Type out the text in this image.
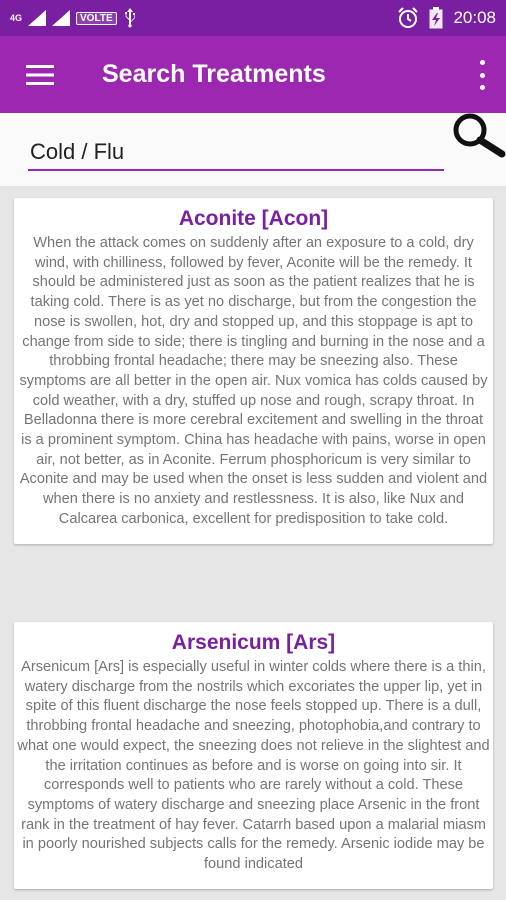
4G	VOLTE	20:08
Search Treatments
Cold / Flu
Aconite [Acon]
When the attack comes on suddenly after an exposure to a cold, dry wind, with chilliness, followed by fever, Aconite will be the remedy. It should be administered just as soon as the patient realizes that he is taking cold. There is as yet no discharge, but from the congestion the nose is swollen, hot, dry and stopped up, and this stoppage is apt to change from side to side; there is tingling and burning in the nose and a throbbing frontal headache; there may be sneezing also. These symptoms are all better in the open air. Nux vomica has colds caused by cold weather, with a dry, stuffed up nose and rough, scrapy throat. In Belladonna there is more cerebral excitement and swelling in the throat is a prominent symptom. China has headache with pains, worse in open air, not better, as in Aconite. Ferrum phosphoricum is very similar to Aconite and may be used when the onset is less sudden and violent and when there is no anxiety and restlessness. It is also, like Nux and Calcarea carbonica, excellent for predisposition to take cold.
Arsenicum [Ars]
Arsenicum [Ars] is especially useful in winter colds where there is a thin, watery discharge from the nostrils which excoriates the upper lip, yet in spite of this fluent discharge the nose feels stopped up. There is a dull, throbbing frontal headache and sneezing, photophobia,and contrary to what one would expect, the sneezing does not relieve in the slightest and the irritation continues as before and is worse on going into sir. It corresponds well to patients who are rarely without a cold. These symptoms of watery discharge and sneezing place Arsenic in the front rank in the treatment of hay fever. Catarrh based upon a malarial miasm in poorly nourished subjects calls for the remedy. Arsenic iodide may be found indicated
